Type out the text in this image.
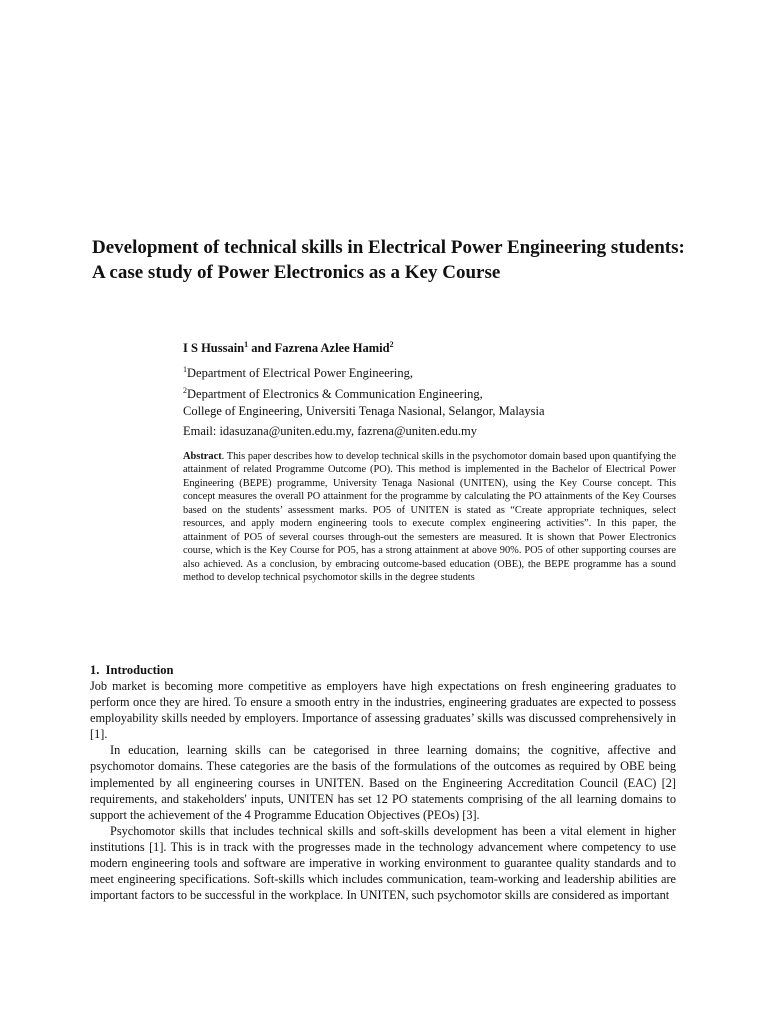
Development of technical skills in Electrical Power Engineering students: A case study of Power Electronics as a Key Course
I S Hussain$^1$ and Fazrena Azlee Hamid$^2$
$^1$Department of Electrical Power Engineering,
$^2$Department of Electronics & Communication Engineering,
College of Engineering, Universiti Tenaga Nasional, Selangor, Malaysia
Email: idasuzana@uniten.edu.my, fazrena@uniten.edu.my
Abstract. This paper describes how to develop technical skills in the psychomotor domain based upon quantifying the attainment of related Programme Outcome (PO). This method is implemented in the Bachelor of Electrical Power Engineering (BEPE) programme, University Tenaga Nasional (UNITEN), using the Key Course concept. This concept measures the overall PO attainment for the programme by calculating the PO attainments of the Key Courses based on the students’ assessment marks. PO5 of UNITEN is stated as “Create appropriate techniques, select resources, and apply modern engineering tools to execute complex engineering activities”. In this paper, the attainment of PO5 of several courses through-out the semesters are measured. It is shown that Power Electronics course, which is the Key Course for PO5, has a strong attainment at above 90%. PO5 of other supporting courses are also achieved. As a conclusion, by embracing outcome-based education (OBE), the BEPE programme has a sound method to develop technical psychomotor skills in the degree students
1.  Introduction

Job market is becoming more competitive as employers have high expectations on fresh engineering graduates to perform once they are hired. To ensure a smooth entry in the industries, engineering graduates are expected to possess employability skills needed by employers. Importance of assessing graduates’ skills was discussed comprehensively in [1].

In education, learning skills can be categorised in three learning domains; the cognitive, affective and psychomotor domains. These categories are the basis of the formulations of the outcomes as required by OBE being implemented by all engineering courses in UNITEN. Based on the Engineering Accreditation Council (EAC) [2] requirements, and stakeholders' inputs, UNITEN has set 12 PO statements comprising of the all learning domains to support the achievement of the 4 Programme Education Objectives (PEOs) [3].

Psychomotor skills that includes technical skills and soft-skills development has been a vital element in higher institutions [1]. This is in track with the progresses made in the technology advancement where competency to use modern engineering tools and software are imperative in working environment to guarantee quality standards and to meet engineering specifications. Soft-skills which includes communication, team-working and leadership abilities are important factors to be successful in the workplace. In UNITEN, such psychomotor skills are considered as important
